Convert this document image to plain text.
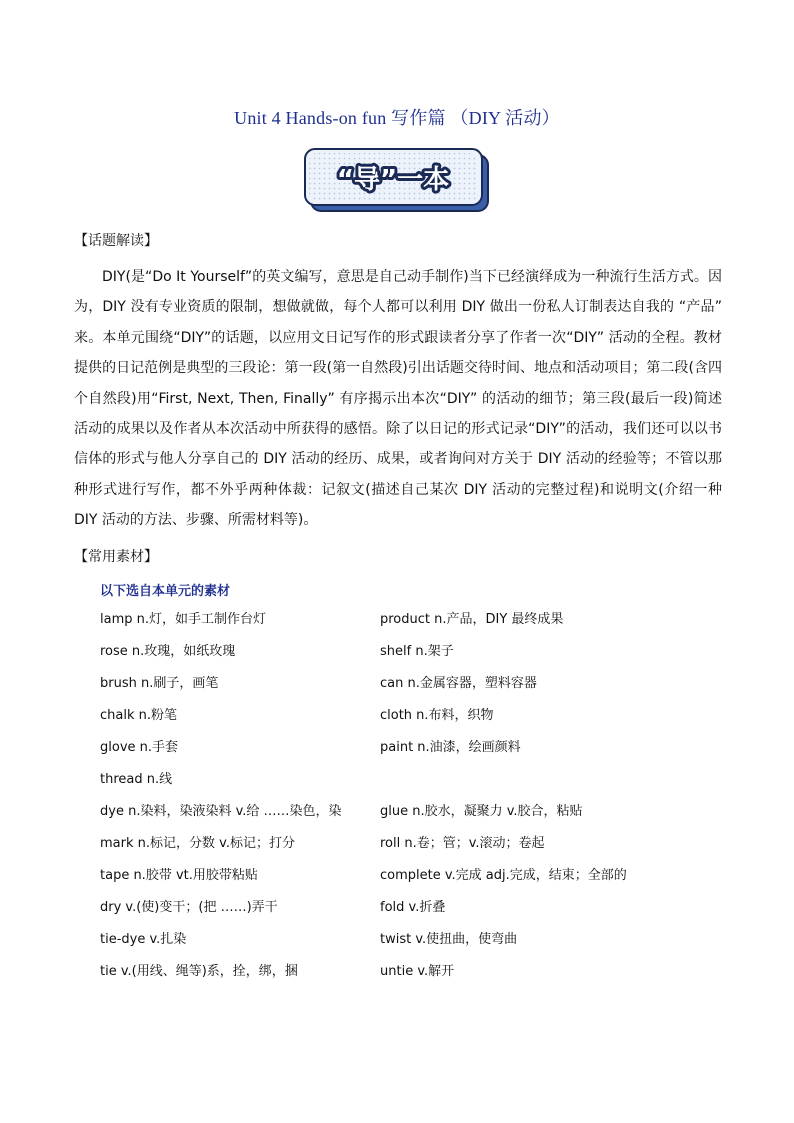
Unit 4 Hands-on fun 写作篇 （DIY 活动）
“导”一本
【话题解读】
DIY(是“Do It Yourself”的英文编写，意思是自己动手制作)当下已经演绎成为一种流行生活方式。因为，DIY 没有专业资质的限制，想做就做，每个人都可以利用 DIY 做出一份私人订制表达自我的 “产品” 来。本单元围绕“DIY”的话题，以应用文日记写作的形式跟读者分享了作者一次“DIY” 活动的全程。教材提供的日记范例是典型的三段论：第一段(第一自然段)引出话题交待时间、地点和活动项目；第二段(含四个自然段)用“First, Next, Then, Finally” 有序揭示出本次“DIY” 的活动的细节；第三段(最后一段)简述活动的成果以及作者从本次活动中所获得的感悟。除了以日记的形式记录“DIY”的活动，我们还可以以书信体的形式与他人分享自己的 DIY 活动的经历、成果，或者询问对方关于 DIY 活动的经验等；不管以那种形式进行写作，都不外乎两种体裁：记叙文(描述自己某次 DIY 活动的完整过程)和说明文(介绍一种 DIY 活动的方法、步骤、所需材料等)。
【常用素材】
以下选自本单元的素材
lamp n.灯，如手工制作台灯	product n.产品，DIY 最终成果
rose n.玫瑰，如纸玫瑰	shelf n.架子
brush n.刷子，画笔	can n.金属容器，塑料容器
chalk n.粉笔	cloth n.布料，织物
glove n.手套	paint n.油漆，绘画颜料
thread n.线
dye n.染料，染液染料 v.给 ……染色，染	glue n.胶水，凝聚力 v.胶合，粘贴
mark n.标记，分数 v.标记；打分	roll n.卷；管；v.滚动；卷起
tape n.胶带 vt.用胶带粘贴	complete v.完成 adj.完成，结束；全部的
dry v.(使)变干；(把 ……)弄干	fold v.折叠
tie-dye v.扎染	twist v.使扭曲，使弯曲
tie v.(用线、绳等)系，拴，绑，捆	untie v.解开
